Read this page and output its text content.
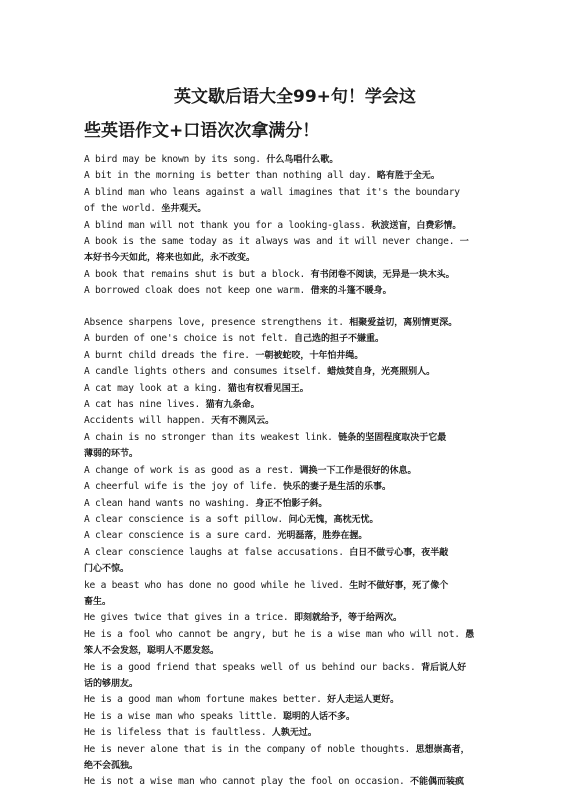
英文歇后语大全99+句！学会这
些英语作文+口语次次拿满分！
A bird may be known by its song. 什么鸟唱什么歌。
A bit in the morning is better than nothing all day. 略有胜于全无。
A blind man who leans against a wall imagines that it's the boundary
of the world. 坐井观天。
A blind man will not thank you for a looking-glass. 秋波送盲，白费彩情。
A book is the same today as it always was and it will never change. 一
本好书今天如此，将来也如此，永不改变。
A book that remains shut is but a block. 有书闭卷不阅读，无异是一块木头。
A borrowed cloak does not keep one warm. 借来的斗篷不暖身。
Absence sharpens love, presence strengthens it. 相聚爱益切，离别情更深。
A burden of one's choice is not felt. 自己选的担子不嫌重。
A burnt child dreads the fire. 一朝被蛇咬，十年怕井绳。
A candle lights others and consumes itself. 蜡烛焚自身，光亮照别人。
A cat may look at a king. 猫也有权看见国王。
A cat has nine lives. 猫有九条命。
Accidents will happen. 天有不测风云。
A chain is no stronger than its weakest link. 链条的坚固程度取决于它最
薄弱的环节。
A change of work is as good as a rest. 调换一下工作是很好的休息。
A cheerful wife is the joy of life. 快乐的妻子是生活的乐事。
A clean hand wants no washing. 身正不怕影子斜。
A clear conscience is a soft pillow. 问心无愧，高枕无忧。
A clear conscience is a sure card. 光明磊落，胜券在握。
A clear conscience laughs at false accusations. 白日不做亏心事，夜半敲
门心不惊。
ke a beast who has done no good while he lived. 生时不做好事，死了像个
畜生。
He gives twice that gives in a trice. 即刻就给予，等于给两次。
He is a fool who cannot be angry, but he is a wise man who will not. 愚
笨人不会发怒，聪明人不愿发怒。
He is a good friend that speaks well of us behind our backs. 背后说人好
话的够朋友。
He is a good man whom fortune makes better. 好人走运人更好。
He is a wise man who speaks little. 聪明的人话不多。
He is lifeless that is faultless. 人孰无过。
He is never alone that is in the company of noble thoughts. 思想崇高者，
绝不会孤独。
He is not a wise man who cannot play the fool on occasion. 不能偶而装疯
